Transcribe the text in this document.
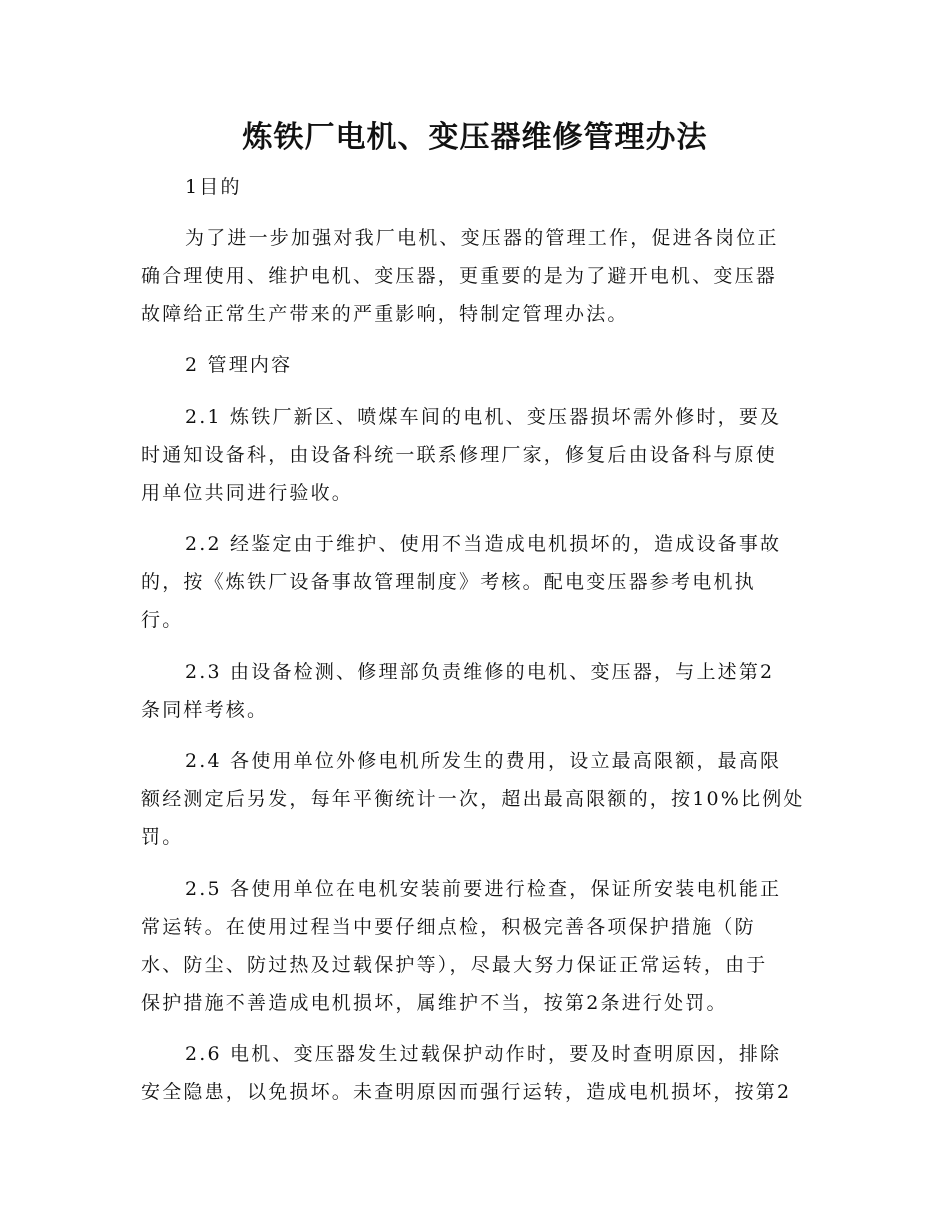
炼铁厂电机、变压器维修管理办法
1目的
为了进一步加强对我厂电机、变压器的管理工作，促进各岗位正
确合理使用、维护电机、变压器，更重要的是为了避开电机、变压器
故障给正常生产带来的严重影响，特制定管理办法。
2 管理内容
2.1 炼铁厂新区、喷煤车间的电机、变压器损坏需外修时，要及
时通知设备科，由设备科统一联系修理厂家，修复后由设备科与原使
用单位共同进行验收。
2.2 经鉴定由于维护、使用不当造成电机损坏的，造成设备事故
的，按《炼铁厂设备事故管理制度》考核。配电变压器参考电机执
行。
2.3 由设备检测、修理部负责维修的电机、变压器，与上述第2
条同样考核。
2.4 各使用单位外修电机所发生的费用，设立最高限额，最高限
额经测定后另发，每年平衡统计一次，超出最高限额的，按10%比例处
罚。
2.5 各使用单位在电机安装前要进行检查，保证所安装电机能正
常运转。在使用过程当中要仔细点检，积极完善各项保护措施（防
水、防尘、防过热及过载保护等），尽最大努力保证正常运转，由于
保护措施不善造成电机损坏，属维护不当，按第2条进行处罚。
2.6 电机、变压器发生过载保护动作时，要及时查明原因，排除
安全隐患，以免损坏。未查明原因而强行运转，造成电机损坏，按第2
